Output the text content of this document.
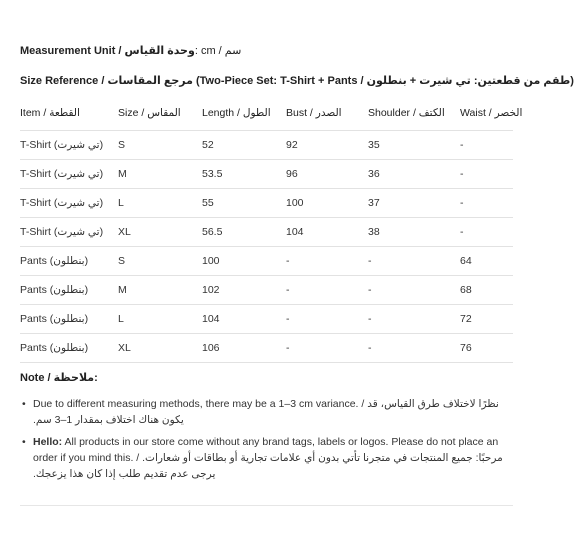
Measurement Unit / وحدة القياس: cm / سم
Size Reference / مرجع المقاسات (Two-Piece Set: T-Shirt + Pants / طقم من قطعتين: تي شيرت + بنطلون)
Item / القطعة	Size / المقاس	Length / الطول	Bust / الصدر	Shoulder / الكتف	Waist / الخصر
T-Shirt (تي شيرت)	S	52	92	35	-
T-Shirt (تي شيرت)	M	53.5	96	36	-
T-Shirt (تي شيرت)	L	55	100	37	-
T-Shirt (تي شيرت)	XL	56.5	104	38	-
Pants (بنطلون)	S	100	-	-	64
Pants (بنطلون)	M	102	-	-	68
Pants (بنطلون)	L	104	-	-	72
Pants (بنطلون)	XL	106	-	-	76
Note / ملاحظة:
• Due to different measuring methods, there may be a 1–3 cm variance. / نظرًا لاختلاف طرق القياس، قد يكون هناك اختلاف بمقدار 1–3 سم.
• Hello: All products in our store come without any brand tags, labels or logos. Please do not place an order if you mind this. / مرحبًا: جميع المنتجات في متجرنا تأتي بدون أي علامات تجارية أو بطاقات أو شعارات. يرجى عدم تقديم طلب إذا كان هذا يزعجك.
